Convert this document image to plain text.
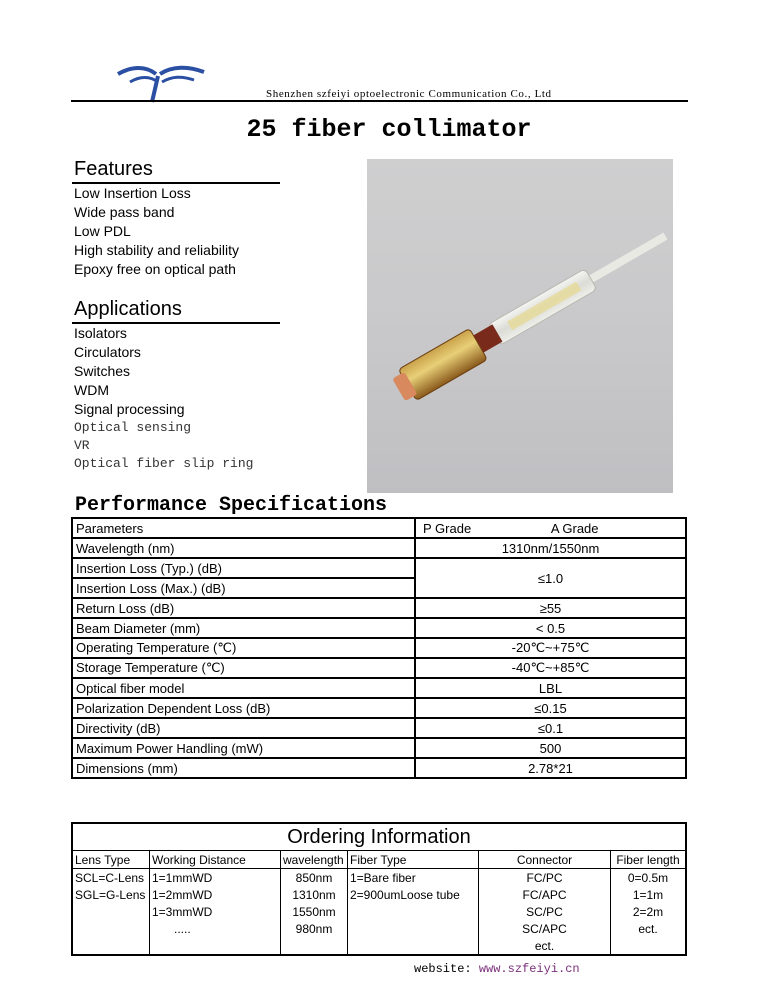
Shenzhen szfeiyi optoelectronic Communication Co., Ltd
25 fiber collimator
Features
Low Insertion Loss
Wide pass band
Low PDL
High stability and reliability
Epoxy free on optical path
Applications
Isolators
Circulators
Switches
WDM
Signal processing
Optical sensing
VR
Optical fiber slip ring
Performance Specifications
Parameters	P Grade A Grade
Wavelength (nm)	1310nm/1550nm
Insertion Loss (Typ.) (dB)	≤1.0
Insertion Loss (Max.) (dB)	
Return Loss (dB)	≥55
Beam Diameter (mm)	< 0.5
Operating Temperature (℃)	-20℃~+75℃
Storage Temperature (℃)	-40℃~+85℃
Optical fiber model	LBL
Polarization Dependent Loss (dB)	≤0.15
Directivity (dB)	≤0.1
Maximum Power Handling (mW)	500
Dimensions (mm)	2.78*21
Ordering Information					
Lens Type	Working Distance	wavelength	Fiber Type	Connector	Fiber length
SCL=C-Lens	1=1mmWD	850nm	1=Bare fiber	FC/PC	0=0.5m
SGL=G-Lens	1=2mmWD	1310nm	2=900umLoose tube	FC/APC	1=1m
	1=3mmWD	1550nm		SC/PC	2=2m
	.....	980nm		SC/APC	ect.
				ect.	
website: www.szfeiyi.cn
